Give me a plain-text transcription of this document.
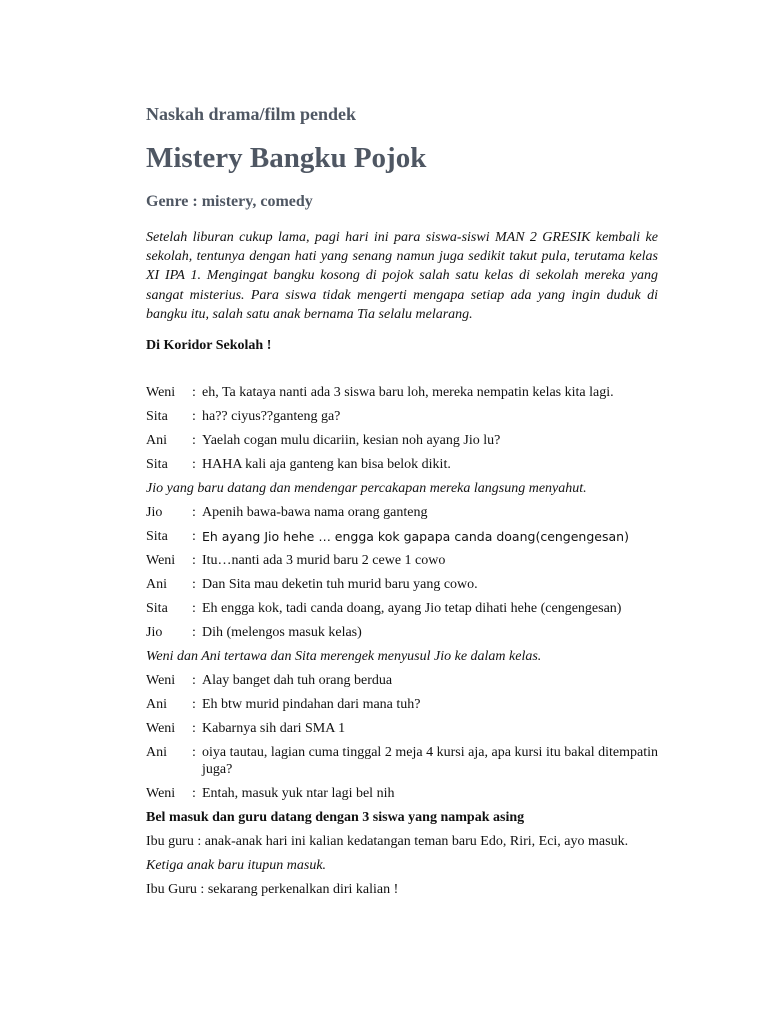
Naskah drama/film pendek
Mistery Bangku Pojok
Genre : mistery, comedy
Setelah liburan cukup lama, pagi hari ini para siswa-siswi MAN 2 GRESIK kembali ke sekolah, tentunya dengan hati yang senang namun juga sedikit takut pula, terutama kelas XI IPA 1. Mengingat bangku kosong di pojok salah satu kelas di sekolah mereka yang sangat misterius. Para siswa tidak mengerti mengapa setiap ada yang ingin duduk di bangku itu, salah satu anak bernama Tia selalu melarang.
Di Koridor Sekolah !
Weni	: eh, Ta kataya nanti ada 3 siswa baru loh, mereka nempatin kelas kita lagi.
Sita	: ha?? ciyus??ganteng ga?
Ani	: Yaelah cogan mulu dicariin, kesian noh ayang Jio lu?
Sita	: HAHA kali aja ganteng kan bisa belok dikit.
Jio yang baru datang dan mendengar percakapan mereka langsung menyahut.
Jio	: Apenih bawa-bawa nama orang ganteng
Sita	: Eh ayang Jio hehe … engga kok gapapa canda doang(cengengesan)
Weni	: Itu…nanti ada 3 murid baru 2 cewe 1 cowo
Ani	: Dan Sita mau deketin tuh murid baru yang cowo.
Sita	: Eh engga kok, tadi canda doang, ayang Jio tetap dihati hehe (cengengesan)
Jio	: Dih (melengos masuk kelas)
Weni dan Ani tertawa dan Sita merengek menyusul Jio ke dalam kelas.
Weni	: Alay banget dah tuh orang berdua
Ani	: Eh btw murid pindahan dari mana tuh?
Weni	: Kabarnya sih dari SMA 1
Ani	: oiya tautau, lagian cuma tinggal 2 meja 4 kursi aja, apa kursi itu bakal ditempatin juga?
Weni	: Entah, masuk yuk ntar lagi bel nih
Bel masuk dan guru datang dengan 3 siswa yang nampak asing
Ibu guru : anak-anak hari ini kalian kedatangan teman baru Edo, Riri, Eci, ayo masuk.
Ketiga anak baru itupun masuk.
Ibu Guru : sekarang perkenalkan diri kalian !
